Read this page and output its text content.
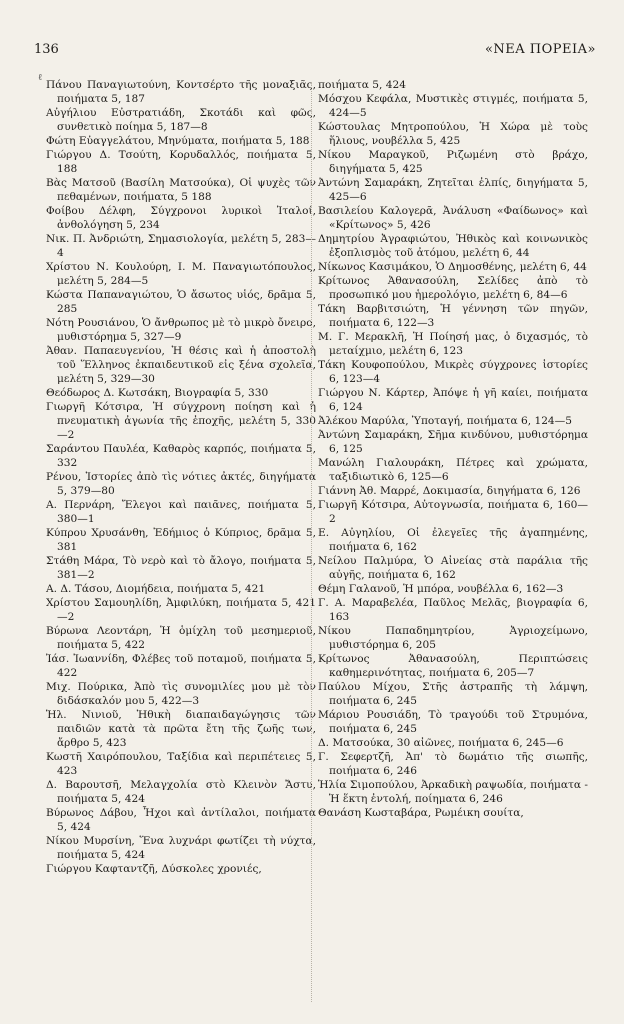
136	«ΝΕΑ ΠΟΡΕΙΑ»
ℓ
Πάνου Παναγιωτούνη, Κοντσέρτο τῆς μοναξιᾶς, ποιήματα 5, 187
Αὐγήλιου Εὐστρατιάδη, Σκοτάδι καὶ φῶς, συνθετικὸ ποίημα 5, 187—8
Φώτη Εὐαγγελάτου, Μηνύματα, ποιήματα 5, 188
Γιώργου Δ. Τσούτη, Κορυδαλλός, ποιήματα 5, 188
Βὰς Ματσοῦ (Βασίλη Ματσούκα), Οἱ ψυχὲς τῶν πεθαμένων, ποιήματα, 5 188
Φοίβου Δέλφη, Σύγχρονοι λυρικοὶ Ἰταλοί, ἀνθολόγηση 5, 234
Νικ. Π. Ἀνδριώτη, Σημασιολογία, μελέτη 5, 283—4
Χρίστου Ν. Κουλούρη, Ι. Μ. Παναγιωτόπουλος, μελέτη 5, 284—5
Κώστα Παπαναγιώτου, Ὁ ἄσωτος υἱός, δρᾶμα 5, 285
Νότη Ρουσιάνου, Ὁ ἄνθρωπος μὲ τὸ μικρὸ ὄνειρο, μυθιστόρημα 5, 327—9
Ἀθαν. Παπαευγενίου, Ἡ θέσις καὶ ἡ ἀποστολὴ τοῦ Ἕλληνος ἐκπαιδευτικοῦ εἰς ξένα σχολεῖα, μελέτη 5, 329—30
Θεόδωρος Δ. Κωτσάκη, Βιογραφία 5, 330
Γιωργῆ Κότσιρα, Ἡ σύγχρονη ποίηση καὶ ἡ πνευματικὴ ἀγωνία τῆς ἐποχῆς, μελέτη 5, 330—2
Σαράντου Παυλέα, Καθαρὸς καρπός, ποιήματα 5, 332
Ρένου, Ἱστορίες ἀπὸ τὶς νότιες ἀκτές, διηγήματα 5, 379—80
Α. Περνάρη, Ἔλεγοι καὶ παιᾶνες, ποιήματα 5, 380—1
Κύπρου Χρυσάνθη, Ἐδήμιος ὁ Κύπριος, δρᾶμα 5, 381
Στάθη Μάρα, Τὸ νερὸ καὶ τὸ ἄλογο, ποιήματα 5, 381—2
Α. Δ. Τάσου, Διομήδεια, ποιήματα 5, 421
Χρίστου Σαμουηλίδη, Ἀμφιλύκη, ποιήματα 5, 421—2
Βύρωνα Λεοντάρη, Ἡ ὁμίχλη τοῦ μεσημεριοῦ, ποιήματα 5, 422
Ἰάσ. Ἰωαννίδη, Φλέβες τοῦ ποταμοῦ, ποιήματα 5, 422
Μιχ. Πούρικα, Ἀπὸ τὶς συνομιλίες μου μὲ τὸν διδάσκαλόν μου 5, 422—3
Ἡλ. Νινιοῦ, Ἠθικὴ διαπαιδαγώγησις τῶν παιδιῶν κατὰ τὰ πρῶτα ἔτη τῆς ζωῆς των, ἄρθρο 5, 423
Κωστῆ Χαιρόπουλου, Ταξίδια καὶ περιπέτειες 5, 423
Δ. Βαρουτσῆ, Μελαγχολία στὸ Κλεινὸν Ἄστυ, ποιήματα 5, 424
Βύρωνος Δάβου, Ἦχοι καὶ ἀντίλαλοι, ποιήματα 5, 424
Νίκου Μυρσίνη, Ἕνα λυχνάρι φωτίζει τὴ νύχτα, ποιήματα 5, 424
Γιώργου Καφταντζῆ, Δύσκολες χρονιές,
ποιήματα 5, 424
Μόσχου Κεφάλα, Μυστικὲς στιγμές, ποιήματα 5, 424—5
Κώστουλας Μητροπούλου, Ἡ Χώρα μὲ τοὺς ἥλιους, νουβέλλα 5, 425
Νίκου Μαραγκοῦ, Ριζωμένη στὸ βράχο, διηγήματα 5, 425
Ἀντώνη Σαμαράκη, Ζητεῖται ἐλπίς, διηγήματα 5, 425—6
Βασιλείου Καλογερᾶ, Ἀνάλυση «Φαίδωνος» καὶ «Κρίτωνος» 5, 426
Δημητρίου Ἀγραφιώτου, Ἠθικὸς καὶ κοινωνικὸς ἐξοπλισμὸς τοῦ ἀτόμου, μελέτη 6, 44
Νίκωνος Κασιμάκου, Ὁ Δημοσθένης, μελέτη 6, 44
Κρίτωνος Ἀθανασούλη, Σελίδες ἀπὸ τὸ προσωπικό μου ἡμερολόγιο, μελέτη 6, 84—6
Τάκη Βαρβιτσιώτη, Ἡ γέννηση τῶν πηγῶν, ποιήματα 6, 122—3
Μ. Γ. Μερακλῆ, Ἡ Ποίησή μας, ὁ διχασμός, τὸ μεταίχμιο, μελέτη 6, 123
Τάκη Κουφοπούλου, Μικρὲς σύγχρονες ἱστορίες 6, 123—4
Γιώργου Ν. Κάρτερ, Ἀπόψε ἡ γῆ καίει, ποιήματα 6, 124
Ἀλέκου Μαρύλα, Ὑποταγή, ποιήματα 6, 124—5
Ἀντώνη Σαμαράκη, Σῆμα κινδύνου, μυθιστόρημα 6, 125
Μανώλη Γιαλουράκη, Πέτρες καὶ χρώματα, ταξιδιωτικὸ 6, 125—6
Γιάννη Ἀθ. Μαρρέ, Δοκιμασία, διηγήματα 6, 126
Γιωργῆ Κότσιρα, Αὐτογνωσία, ποιήματα 6, 160—2
Ε. Αὐγηλίου, Οἱ ἐλεγεῖες τῆς ἀγαπημένης, ποιήματα 6, 162
Νείλου Παλμύρα, Ὁ Αἰνείας στὰ παράλια τῆς αὐγῆς, ποιήματα 6, 162
Θέμη Γαλανοῦ, Ἡ μπόρα, νουβέλλα 6, 162—3
Γ. Α. Μαραβελέα, Παῦλος Μελᾶς, βιογραφία 6, 163
Νίκου Παπαδημητρίου, Ἀγριοχείμωνο, μυθιστόρημα 6, 205
Κρίτωνος Ἀθανασούλη, Περιπτώσεις καθημερινότητας, ποιήματα 6, 205—7
Παύλου Μίχου, Στῆς ἀστραπῆς τὴ λάμψη, ποιήματα 6, 245
Μάριου Ρουσιάδη, Τὸ τραγούδι τοῦ Στρυμόνα, ποιήματα 6, 245
Δ. Ματσούκα, 30 αἰῶνες, ποιήματα 6, 245—6
Γ. Σεφερτζῆ, Ἀπ' τὸ δωμάτιο τῆς σιωπῆς, ποιήματα 6, 246
Ἡλία Σιμοπούλου, Ἀρκαδικὴ ραψωδία, ποιήματα - Ἡ ἕκτη ἐντολή, ποίηματα 6, 246
Θανάση Κωσταβάρα, Ρωμέικη σουίτα,
